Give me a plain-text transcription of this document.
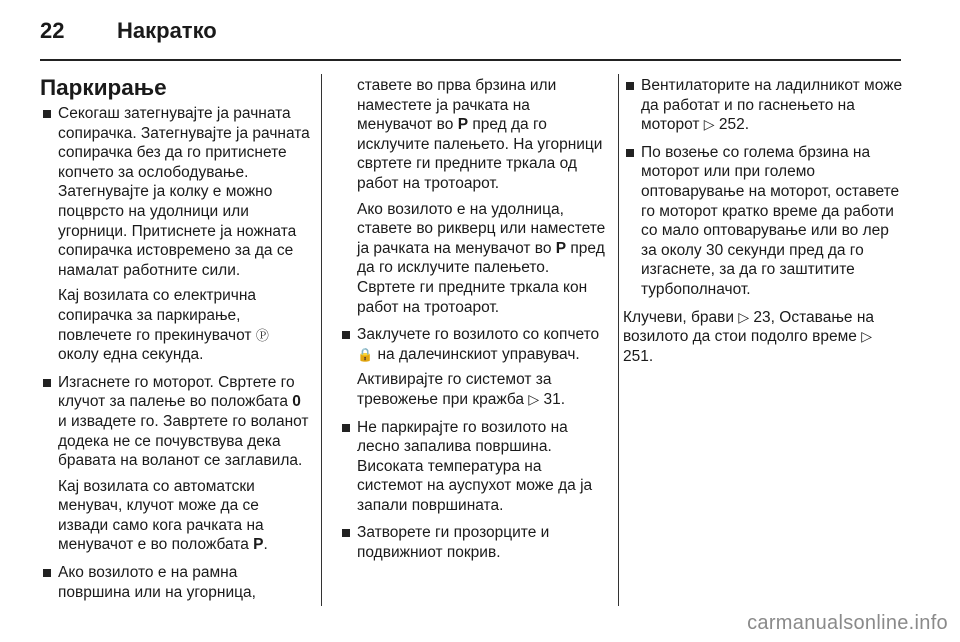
22 Накратко
Паркирање

Секогаш затегнувајте ја рачната сопирачка. Затегнувајте ја рачната сопирачка без да го притиснете копчето за ослободување. Затегнувајте ја колку е можно поцврсто на удолници или угорници. Притиснете ја ножната сопирачка истовремено за да се намалат работните сили.

Кај возилата со електрична сопирачка за паркирање, повлечете го прекинувачот Ⓟ околу една секунда.

Изгаснете го моторот. Свртете го клучот за палење во положбата 0 и извадете го. Завртете го воланот додека не се почувствува дека бравата на воланот се заглавила.

Кај возилата со автоматски менувач, клучот може да се извади само кога рачката на менувачот е во положбата P.

Ако возилото е на рамна површина или на угорница,

ставете во прва брзина или наместете ја рачката на менувачот во P пред да го исклучите палењето. На угорници свртете ги предните тркала од работ на тротоарот.

Ако возилото е на удолница, ставете во рикверц или наместете ја рачката на менувачот во P пред да го исклучите палењето. Свртете ги предните тркала кон работ на тротоарот.

Заклучете го возилото со копчето 🔒 на далечинскиот управувач.

Активирајте го системот за тревожење при кражба ▷ 31.

Не паркирајте го возилото на лесно запалива површина. Високата температура на системот на ауспухот може да ја запали површината.

Затворете ги прозорците и подвижниот покрив.

Вентилаторите на ладилникот може да работат и по гаснењето на моторот ▷ 252.

По возење со голема брзина на моторот или при големо оптоварување на моторот, оставете го моторот кратко време да работи со мало оптоварување или во лер за околу 30 секунди пред да го изгаснете, за да го заштитите турбополначот.

Клучеви, брави ▷ 23, Оставање на возилото да стои подолго време ▷ 251.

carmanualsonline.info
